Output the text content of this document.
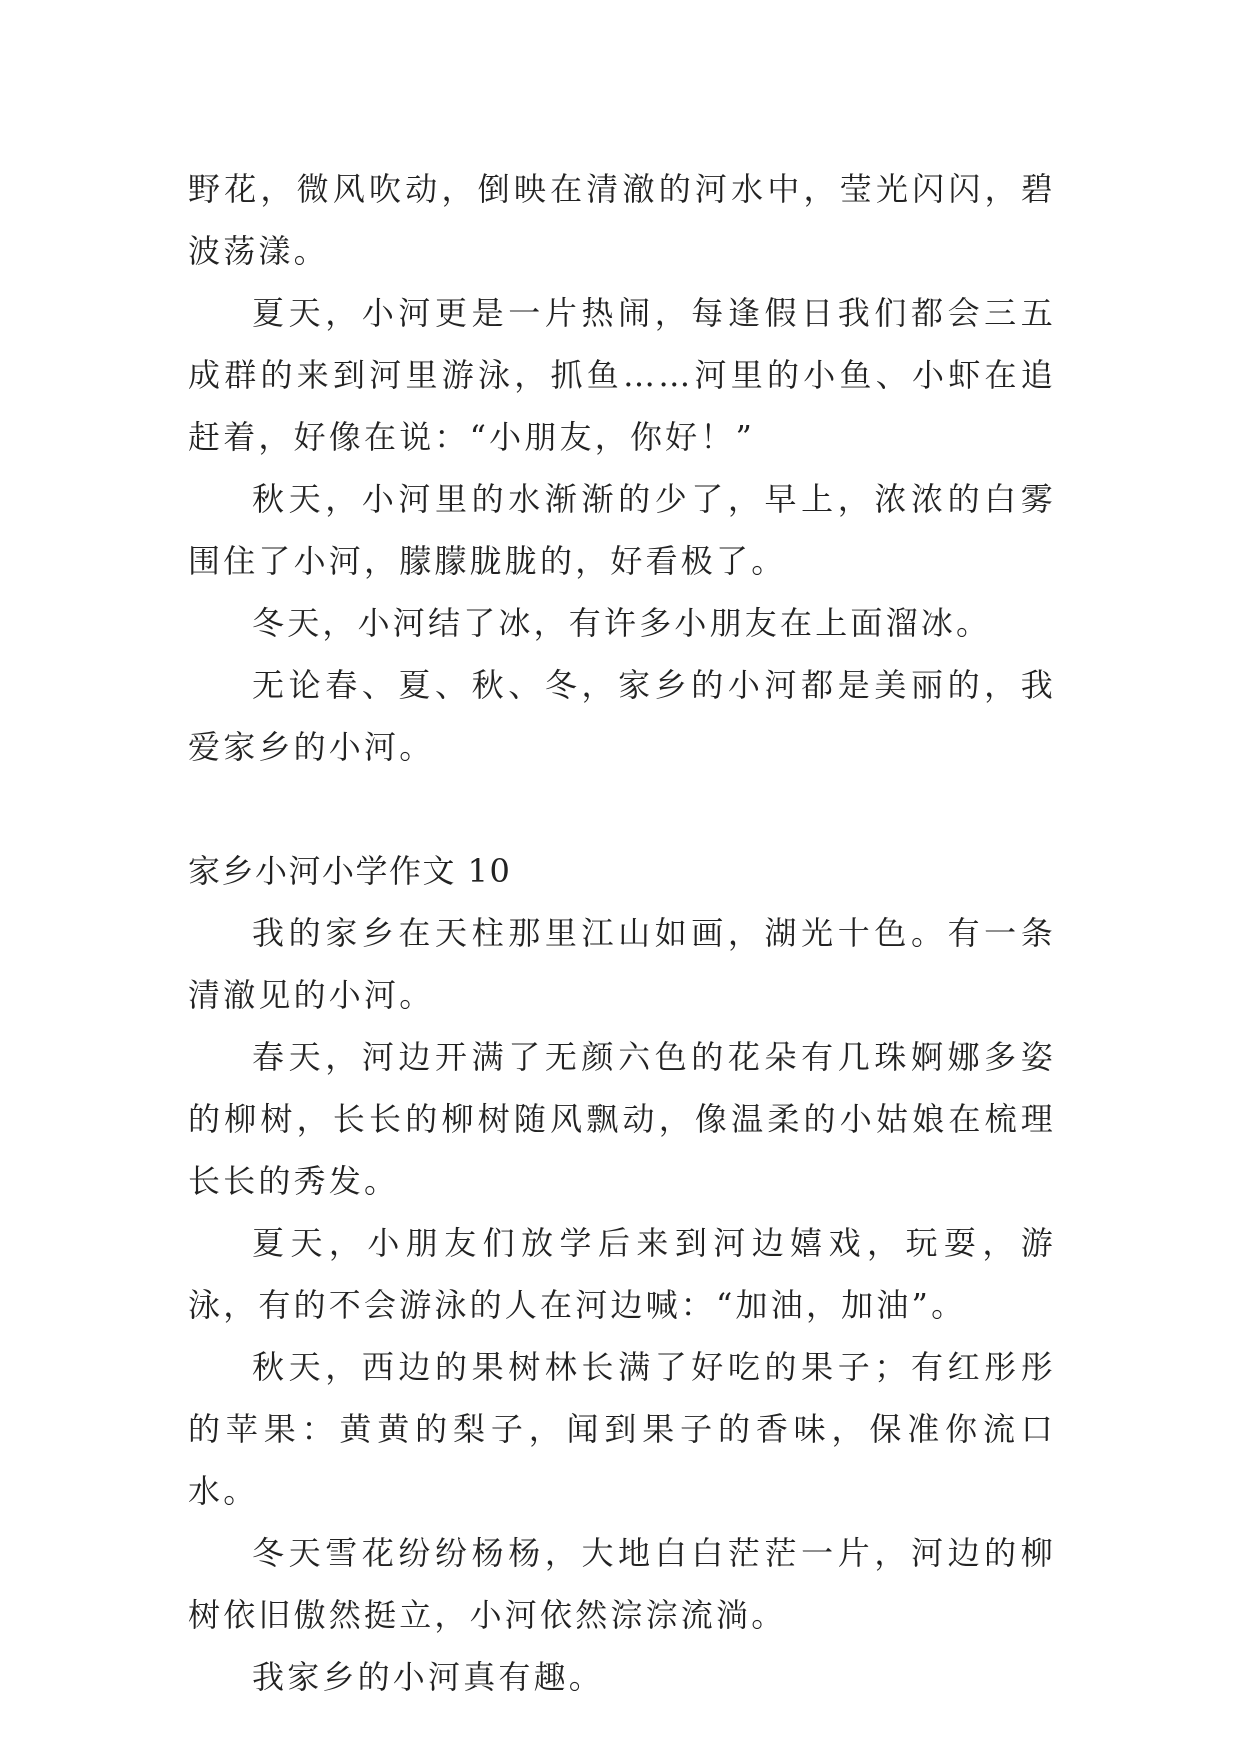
野花，微风吹动，倒映在清澈的河水中，莹光闪闪，碧波荡漾。

夏天，小河更是一片热闹，每逢假日我们都会三五成群的来到河里游泳，抓鱼……河里的小鱼、小虾在追赶着，好像在说：“小朋友，你好！”

秋天，小河里的水渐渐的少了，早上，浓浓的白雾围住了小河，朦朦胧胧的，好看极了。

冬天，小河结了冰，有许多小朋友在上面溜冰。

无论春、夏、秋、冬，家乡的小河都是美丽的，我爱家乡的小河。

家乡小河小学作文 10

我的家乡在天柱那里江山如画，湖光十色。有一条清澈见的小河。

春天，河边开满了无颜六色的花朵有几珠婀娜多姿的柳树，长长的柳树随风飘动，像温柔的小姑娘在梳理长长的秀发。

夏天，小朋友们放学后来到河边嬉戏，玩耍，游泳，有的不会游泳的人在河边喊：“加油，加油”。

秋天，西边的果树林长满了好吃的果子；有红彤彤的苹果：黄黄的梨子，闻到果子的香味，保准你流口水。

冬天雪花纷纷杨杨，大地白白茫茫一片，河边的柳树依旧傲然挺立，小河依然淙淙流淌。

我家乡的小河真有趣。
